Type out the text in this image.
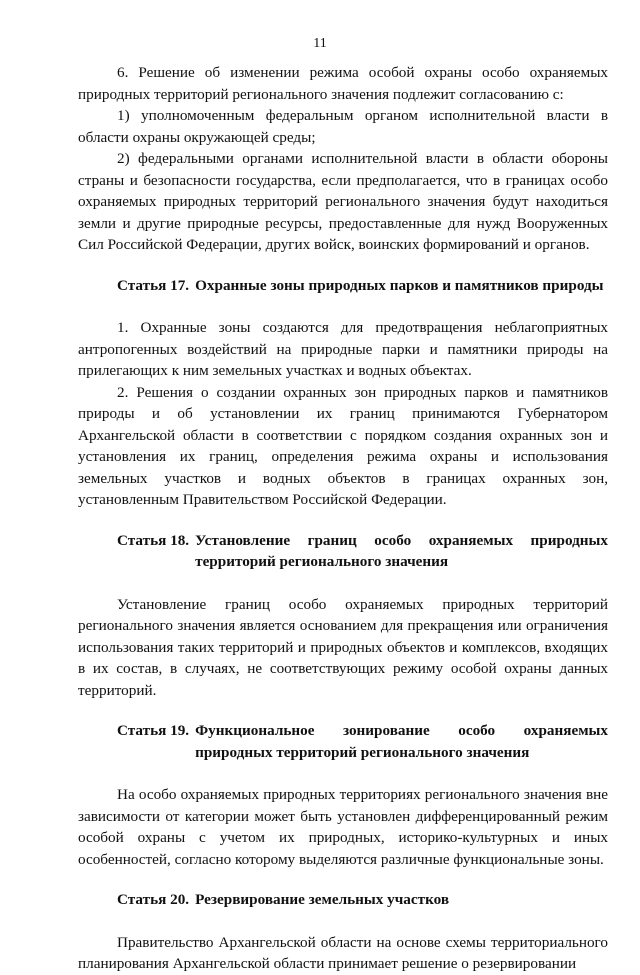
11

6. Решение об изменении режима особой охраны особо охраняемых природных территорий регионального значения подлежит согласованию с:

1) уполномоченным федеральным органом исполнительной власти в области охраны окружающей среды;

2) федеральными органами исполнительной власти в области обороны страны и безопасности государства, если предполагается, что в границах особо охраняемых природных территорий регионального значения будут находиться земли и другие природные ресурсы, предоставленные для нужд Вооруженных Сил Российской Федерации, других войск, воинских формирований и органов.

Статья 17. Охранные зоны природных парков и памятников природы

1. Охранные зоны создаются для предотвращения неблагоприятных антропогенных воздействий на природные парки и памятники природы на прилегающих к ним земельных участках и водных объектах.

2. Решения о создании охранных зон природных парков и памятников природы и об установлении их границ принимаются Губернатором Архангельской области в соответствии с порядком создания охранных зон и установления их границ, определения режима охраны и использования земельных участков и водных объектов в границах охранных зон, установленным Правительством Российской Федерации.

Статья 18. Установление границ особо охраняемых природных территорий регионального значения

Установление границ особо охраняемых природных территорий регионального значения является основанием для прекращения или ограничения использования таких территорий и природных объектов и комплексов, входящих в их состав, в случаях, не соответствующих режиму особой охраны данных территорий.

Статья 19. Функциональное зонирование особо охраняемых природных территорий регионального значения

На особо охраняемых природных территориях регионального значения вне зависимости от категории может быть установлен дифференцированный режим особой охраны с учетом их природных, историко-культурных и иных особенностей, согласно которому выделяются различные функциональные зоны.

Статья 20. Резервирование земельных участков

Правительство Архангельской области на основе схемы территориального планирования Архангельской области принимает решение о резервировании
